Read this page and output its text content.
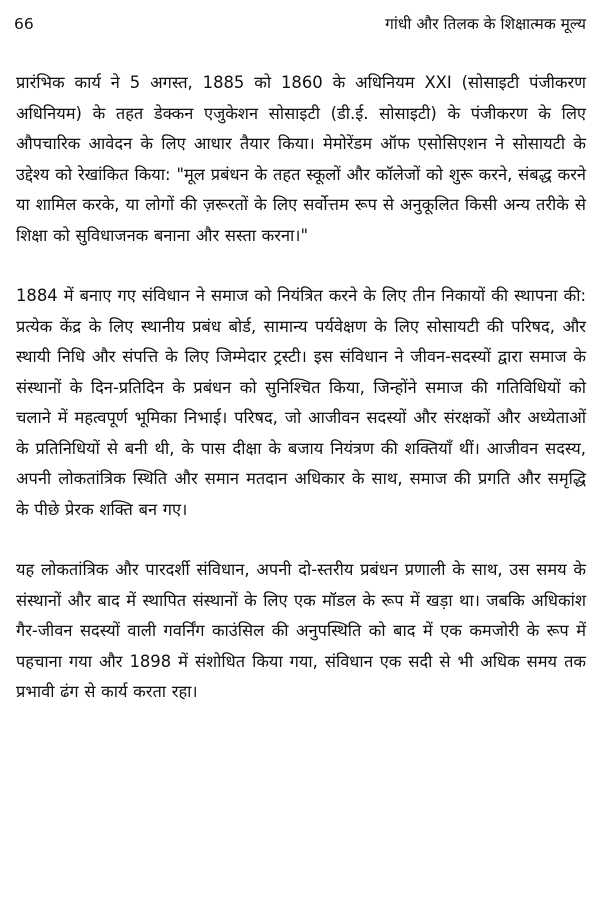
66	गांधी और तिलक के शिक्षात्मक मूल्य

प्रारंभिक कार्य ने 5 अगस्त, 1885 को 1860 के अधिनियम XXI (सोसाइटी पंजीकरण अधिनियम) के तहत डेक्कन एजुकेशन सोसाइटी (डी.ई. सोसाइटी) के पंजीकरण के लिए औपचारिक आवेदन के लिए आधार तैयार किया। मेमोरेंडम ऑफ एसोसिएशन ने सोसायटी के उद्देश्य को रेखांकित किया: "मूल प्रबंधन के तहत स्कूलों और कॉलेजों को शुरू करने, संबद्ध करने या शामिल करके, या लोगों की ज़रूरतों के लिए सर्वोत्तम रूप से अनुकूलित किसी अन्य तरीके से शिक्षा को सुविधाजनक बनाना और सस्ता करना।"

1884 में बनाए गए संविधान ने समाज को नियंत्रित करने के लिए तीन निकायों की स्थापना की: प्रत्येक केंद्र के लिए स्थानीय प्रबंध बोर्ड, सामान्य पर्यवेक्षण के लिए सोसायटी की परिषद, और स्थायी निधि और संपत्ति के लिए जिम्मेदार ट्रस्टी। इस संविधान ने जीवन-सदस्यों द्वारा समाज के संस्थानों के दिन-प्रतिदिन के प्रबंधन को सुनिश्चित किया, जिन्होंने समाज की गतिविधियों को चलाने में महत्वपूर्ण भूमिका निभाई। परिषद, जो आजीवन सदस्यों और संरक्षकों और अध्येताओं के प्रतिनिधियों से बनी थी, के पास दीक्षा के बजाय नियंत्रण की शक्तियाँ थीं। आजीवन सदस्य, अपनी लोकतांत्रिक स्थिति और समान मतदान अधिकार के साथ, समाज की प्रगति और समृद्धि के पीछे प्रेरक शक्ति बन गए।

यह लोकतांत्रिक और पारदर्शी संविधान, अपनी दो-स्तरीय प्रबंधन प्रणाली के साथ, उस समय के संस्थानों और बाद में स्थापित संस्थानों के लिए एक मॉडल के रूप में खड़ा था। जबकि अधिकांश गैर-जीवन सदस्यों वाली गवर्निंग काउंसिल की अनुपस्थिति को बाद में एक कमजोरी के रूप में पहचाना गया और 1898 में संशोधित किया गया, संविधान एक सदी से भी अधिक समय तक प्रभावी ढंग से कार्य करता रहा।
